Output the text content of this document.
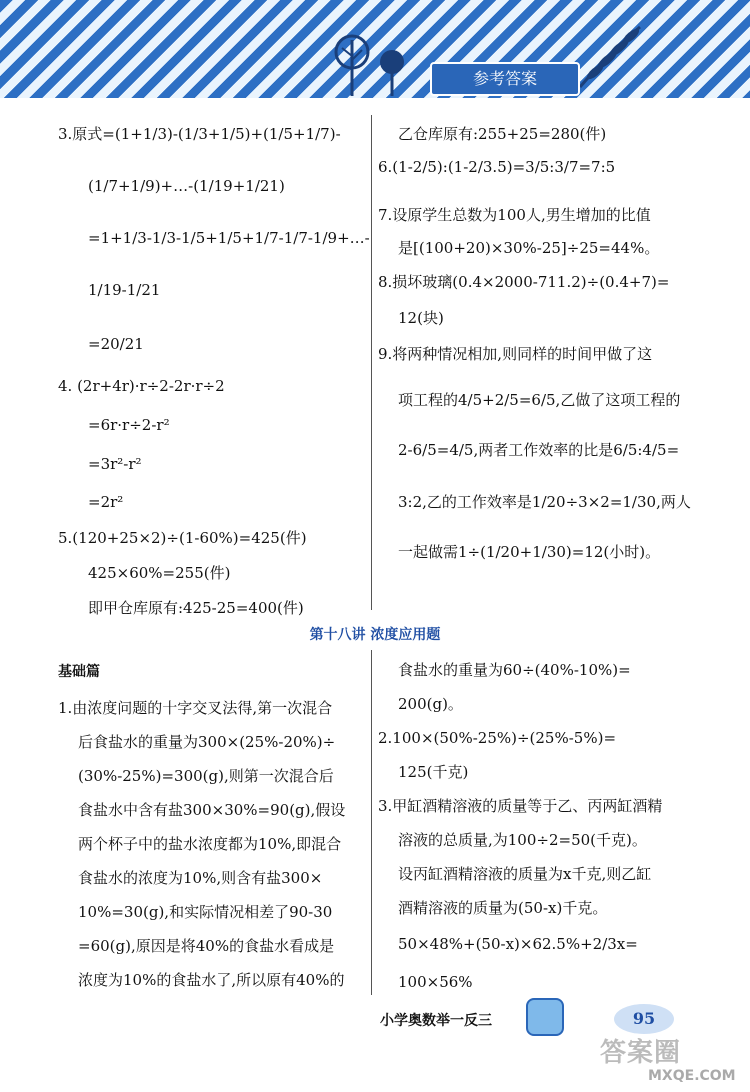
参考答案
3.原式=(1+1/3)-(1/3+1/5)+(1/5+1/7)-
(1/7+1/9)+…-(1/19+1/21)
=1+1/3-1/3-1/5+1/5+1/7-1/7-1/9+…-
1/19-1/21
=20/21
4. (2r+4r)·r÷2-2r·r÷2
=6r·r÷2-r²
=3r²-r²
=2r²
5.(120+25×2)÷(1-60%)=425(件)
425×60%=255(件)
即甲仓库原有:425-25=400(件)
乙仓库原有:255+25=280(件)
6.(1-2/5):(1-2/3.5)=3/5:3/7=7:5
7.设原学生总数为100人,男生增加的比值
是[(100+20)×30%-25]÷25=44%。
8.损坏玻璃(0.4×2000-711.2)÷(0.4+7)=
12(块)
9.将两种情况相加,则同样的时间甲做了这
项工程的4/5+2/5=6/5,乙做了这项工程的
2-6/5=4/5,两者工作效率的比是6/5:4/5=
3:2,乙的工作效率是1/20÷3×2=1/30,两人
一起做需1÷(1/20+1/30)=12(小时)。
第十八讲 浓度应用题
基础篇
1.由浓度问题的十字交叉法得,第一次混合
后食盐水的重量为300×(25%-20%)÷
(30%-25%)=300(g),则第一次混合后
食盐水中含有盐300×30%=90(g),假设
两个杯子中的盐水浓度都为10%,即混合
食盐水的浓度为10%,则含有盐300×
10%=30(g),和实际情况相差了90-30
=60(g),原因是将40%的食盐水看成是
浓度为10%的食盐水了,所以原有40%的
食盐水的重量为60÷(40%-10%)=
200(g)。
2.100×(50%-25%)÷(25%-5%)=
125(千克)
3.甲缸酒精溶液的质量等于乙、丙两缸酒精
溶液的总质量,为100÷2=50(千克)。
设丙缸酒精溶液的质量为x千克,则乙缸
酒精溶液的质量为(50-x)千克。
50×48%+(50-x)×62.5%+2/3x=
100×56%
小学奥数举一反三	95
答案圈
MXQE.COM
